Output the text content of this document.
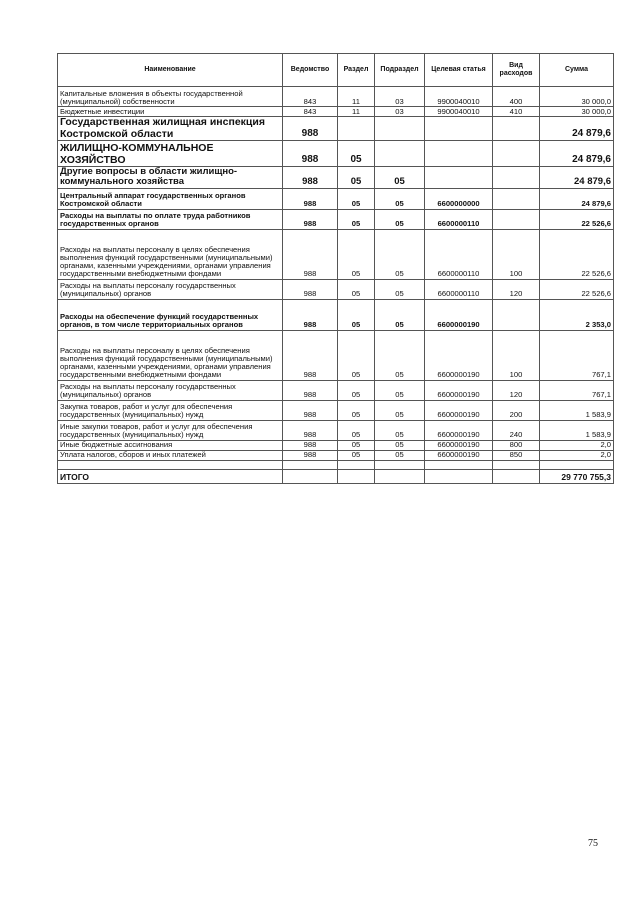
Наименование	Ведомство	Раздел	Подраздел	Целевая статья	Вид расходов	Сумма
Капитальные вложения в объекты государственной (муниципальной) собственности	843	11	03	9900040010	400	30 000,0
Бюджетные инвестиции	843	11	03	9900040010	410	30 000,0
Государственная жилищная инспекция Костромской области	988					24 879,6
ЖИЛИЩНО-КОММУНАЛЬНОЕ ХОЗЯЙСТВО	988	05				24 879,6
Другие вопросы в области жилищно-коммунального хозяйства	988	05	05			24 879,6
Центральный аппарат государственных органов Костромской области	988	05	05	6600000000		24 879,6
Расходы на выплаты по оплате труда работников государственных органов	988	05	05	6600000110		22 526,6
Расходы на выплаты персоналу в целях обеспечения выполнения функций государственными (муниципальными) органами, казенными учреждениями, органами управления государственными внебюджетными фондами	988	05	05	6600000110	100	22 526,6
Расходы на выплаты персоналу государственных (муниципальных) органов	988	05	05	6600000110	120	22 526,6
Расходы на обеспечение функций государственных органов, в том числе территориальных органов	988	05	05	6600000190		2 353,0
Расходы на выплаты персоналу в целях обеспечения выполнения функций государственными (муниципальными) органами, казенными учреждениями, органами управления государственными внебюджетными фондами	988	05	05	6600000190	100	767,1
Расходы на выплаты персоналу государственных (муниципальных) органов	988	05	05	6600000190	120	767,1
Закупка товаров, работ и услуг для обеспечения государственных (муниципальных) нужд	988	05	05	6600000190	200	1 583,9
Иные закупки товаров, работ и услуг для обеспечения государственных (муниципальных) нужд	988	05	05	6600000190	240	1 583,9
Иные бюджетные ассигнования	988	05	05	6600000190	800	2,0
Уплата налогов, сборов и иных платежей	988	05	05	6600000190	850	2,0

ИТОГО						29 770 755,3
75
